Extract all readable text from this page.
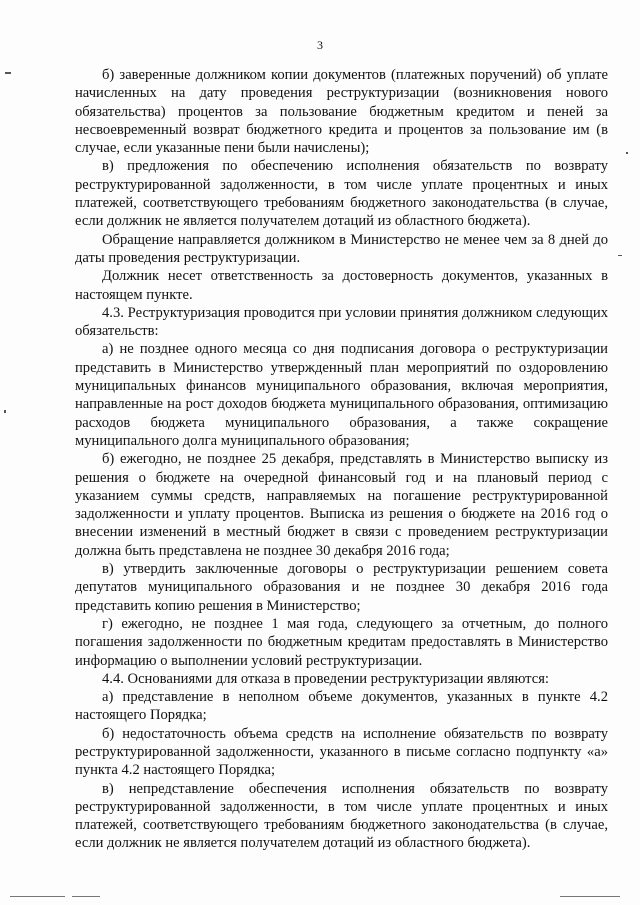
3

б) заверенные должником копии документов (платежных поручений) об уплате начисленных на дату проведения реструктуризации (возникновения нового обязательства) процентов за пользование бюджетным кредитом и пеней за несвоевременный возврат бюджетного кредита и процентов за пользование им (в случае, если указанные пени были начислены);

в) предложения по обеспечению исполнения обязательств по возврату реструктурированной задолженности, в том числе уплате процентных и иных платежей, соответствующего требованиям бюджетного законодательства (в случае, если должник не является получателем дотаций из областного бюджета).

Обращение направляется должником в Министерство не менее чем за 8 дней до даты проведения реструктуризации.

Должник несет ответственность за достоверность документов, указанных в настоящем пункте.

4.3. Реструктуризация проводится при условии принятия должником следующих обязательств:

а) не позднее одного месяца со дня подписания договора о реструктуризации представить в Министерство утвержденный план мероприятий по оздоровлению муниципальных финансов муниципального образования, включая мероприятия, направленные на рост доходов бюджета муниципального образования, оптимизацию расходов бюджета муниципального образования, а также сокращение муниципального долга муниципального образования;

б) ежегодно, не позднее 25 декабря, представлять в Министерство выписку из решения о бюджете на очередной финансовый год и на плановый период с указанием суммы средств, направляемых на погашение реструктурированной задолженности и уплату процентов. Выписка из решения о бюджете на 2016 год о внесении изменений в местный бюджет в связи с проведением реструктуризации должна быть представлена не позднее 30 декабря 2016 года;

в) утвердить заключенные договоры о реструктуризации решением совета депутатов муниципального образования и не позднее 30 декабря 2016 года представить копию решения в Министерство;

г) ежегодно, не позднее 1 мая года, следующего за отчетным, до полного погашения задолженности по бюджетным кредитам предоставлять в Министерство информацию о выполнении условий реструктуризации.

4.4. Основаниями для отказа в проведении реструктуризации являются:

а) представление в неполном объеме документов, указанных в пункте 4.2 настоящего Порядка;

б) недостаточность объема средств на исполнение обязательств по возврату реструктурированной задолженности, указанного в письме согласно подпункту «а» пункта 4.2 настоящего Порядка;

в) непредставление обеспечения исполнения обязательств по возврату реструктурированной задолженности, в том числе уплате процентных и иных платежей, соответствующего требованиям бюджетного законодательства (в случае, если должник не является получателем дотаций из областного бюджета).
